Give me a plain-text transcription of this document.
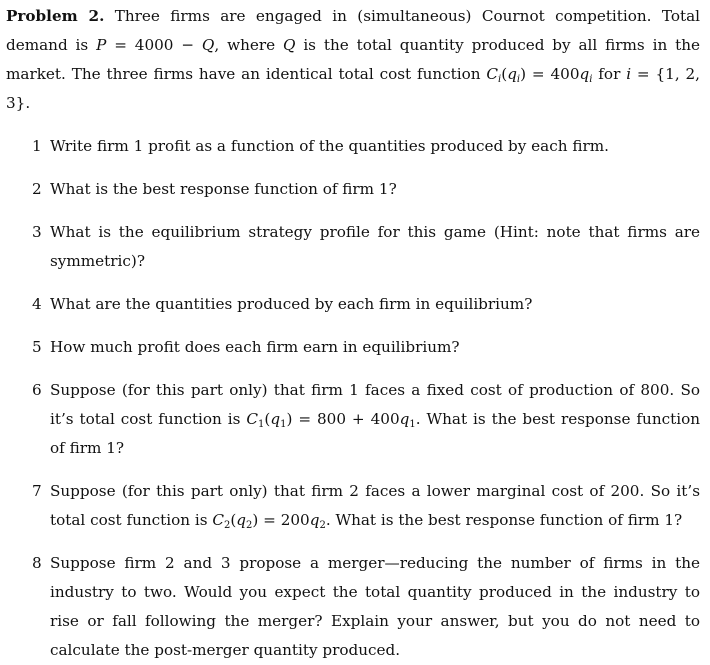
Problem 2. Three firms are engaged in (simultaneous) Cournot competition. Total demand is P = 4000 − Q, where Q is the total quantity produced by all firms in the market. The three firms have an identical total cost function $C_i(q_i) = 400q_i$ for i = {1, 2, 3}.

1 Write firm 1 profit as a function of the quantities produced by each firm.
2 What is the best response function of firm 1?
3 What is the equilibrium strategy profile for this game (Hint: note that firms are symmetric)?
4 What are the quantities produced by each firm in equilibrium?
5 How much profit does each firm earn in equilibrium?
6 Suppose (for this part only) that firm 1 faces a fixed cost of production of 800. So it’s total cost function is $C_1(q_1) = 800 + 400q_1$. What is the best response function of firm 1?
7 Suppose (for this part only) that firm 2 faces a lower marginal cost of 200. So it’s total cost function is $C_2(q_2) = 200q_2$. What is the best response function of firm 1?
8 Suppose firm 2 and 3 propose a merger—reducing the number of firms in the industry to two. Would you expect the total quantity produced in the industry to rise or fall following the merger? Explain your answer, but you do not need to calculate the post-merger quantity produced.
